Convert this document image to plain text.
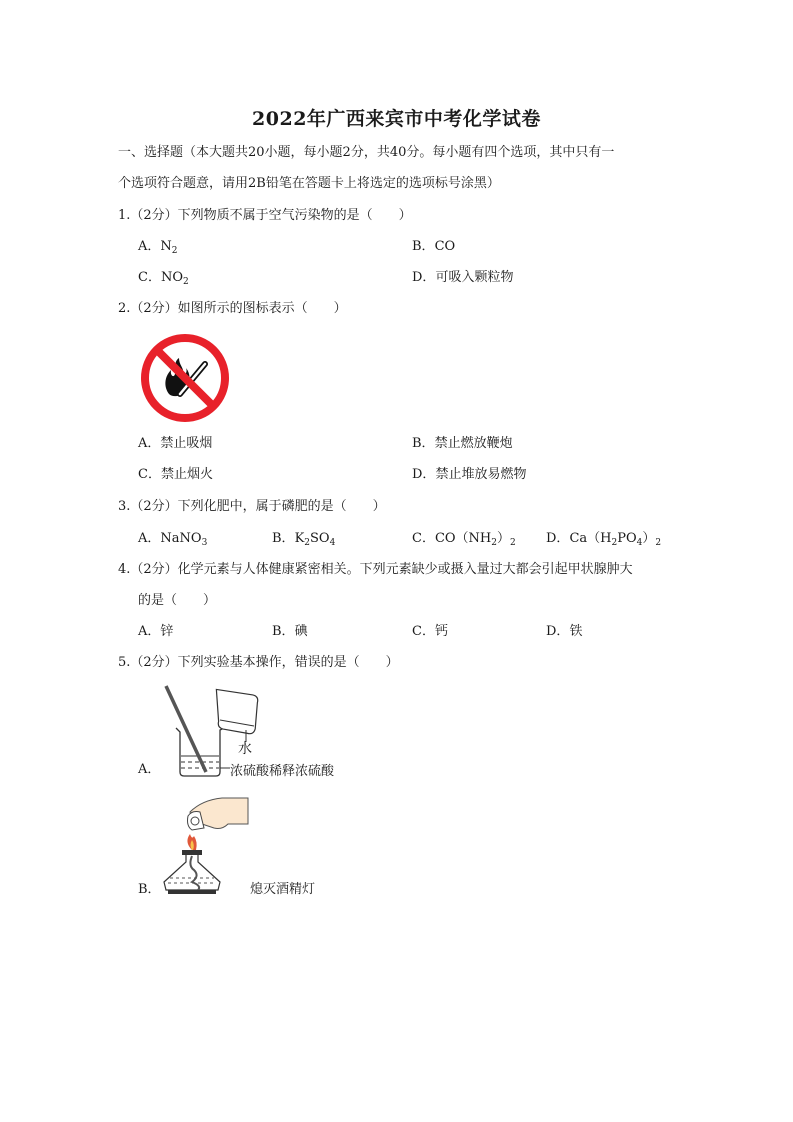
2022年广西来宾市中考化学试卷
一、选择题（本大题共20小题，每小题2分，共40分。每小题有四个选项，其中只有一
个选项符合题意，请用2B铅笔在答题卡上将选定的选项标号涂黑）
1.（2分）下列物质不属于空气污染物的是（　　）
A．$N_2$	B．CO
C．$NO_2$	D．可吸入颗粒物
2.（2分）如图所示的图标表示（　　）
A．禁止吸烟	B．禁止燃放鞭炮
C．禁止烟火	D．禁止堆放易燃物
3.（2分）下列化肥中，属于磷肥的是（　　）
A．NaNO$_3$	B．$K_2SO_4$	C．$CO(NH_2)_2$ D．$Ca(H_2PO_4)_2$
4.（2分）化学元素与人体健康紧密相关。下列元素缺少或摄入量过大都会引起甲状腺肿大
的是（　　）
A．锌	B．碘	C．钙	D．铁
5.（2分）下列实验基本操作，错误的是（　　）
A．
水
浓硫酸稀释浓硫酸
B．	熄灭酒精灯
